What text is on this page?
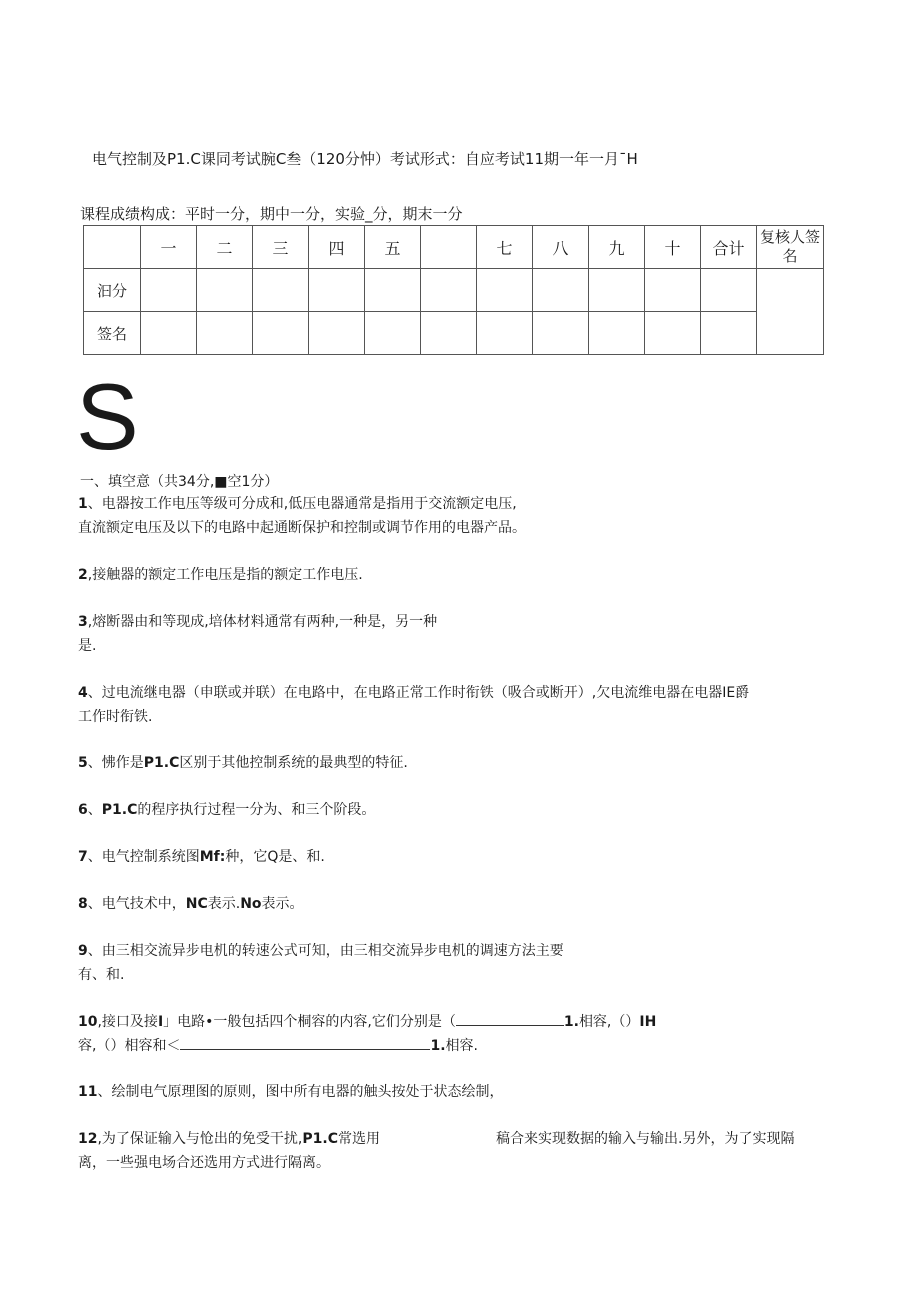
电气控制及P1.C课同考试腕C叁（120分忡）考试形式：自应考试11期一年一月¯H
课程成绩构成：平时一分，期中一分，实验_分，期末一分
	一	二	三	四	五		七	八	九	十	合计	复核人签名
汩分												
签名												
S
一、填空意（共34分,■空1分）
1、电器按工作电压等级可分成和,低压电器通常是指用于交流额定电压,
直流额定电压及以下的电路中起通断保护和控制或调节作用的电器产品。
2,接触器的额定工作电压是指的额定工作电压.
3,熔断器由和等现成,培体材料通常有两种,一种是，另一种
是.
4、过电流继电器（申联或并联）在电路中，在电路正常工作时衔铁（吸合或断开）,欠电流维电器在电器IE爵
工作时衔铁.
5、怫作是P1.C区别于其他控制系统的最典型的特征.
6、P1.C的程序执行过程一分为、和三个阶段。
7、电气控制系统图Mf:种，它Q是、和.
8、电气技术中，NC表示.No表示。
9、由三相交流异步电机的转速公式可知，由三相交流异步电机的调速方法主要
有、和.
10,接口及接I」电路•一般包括四个桐容的内容,它们分别是（	1.相容,（）IH
容,（）相容和＜	1.相容.
11、绘制电气原理图的原则，图中所有电器的触头按处于状态绘制，
12,为了保证输入与怆出的免受干扰,P1.C常选用	稿合来实现数据的输入与输出.另外，为了实现隔
离，一些强电场合还选用方式进行隔离。
